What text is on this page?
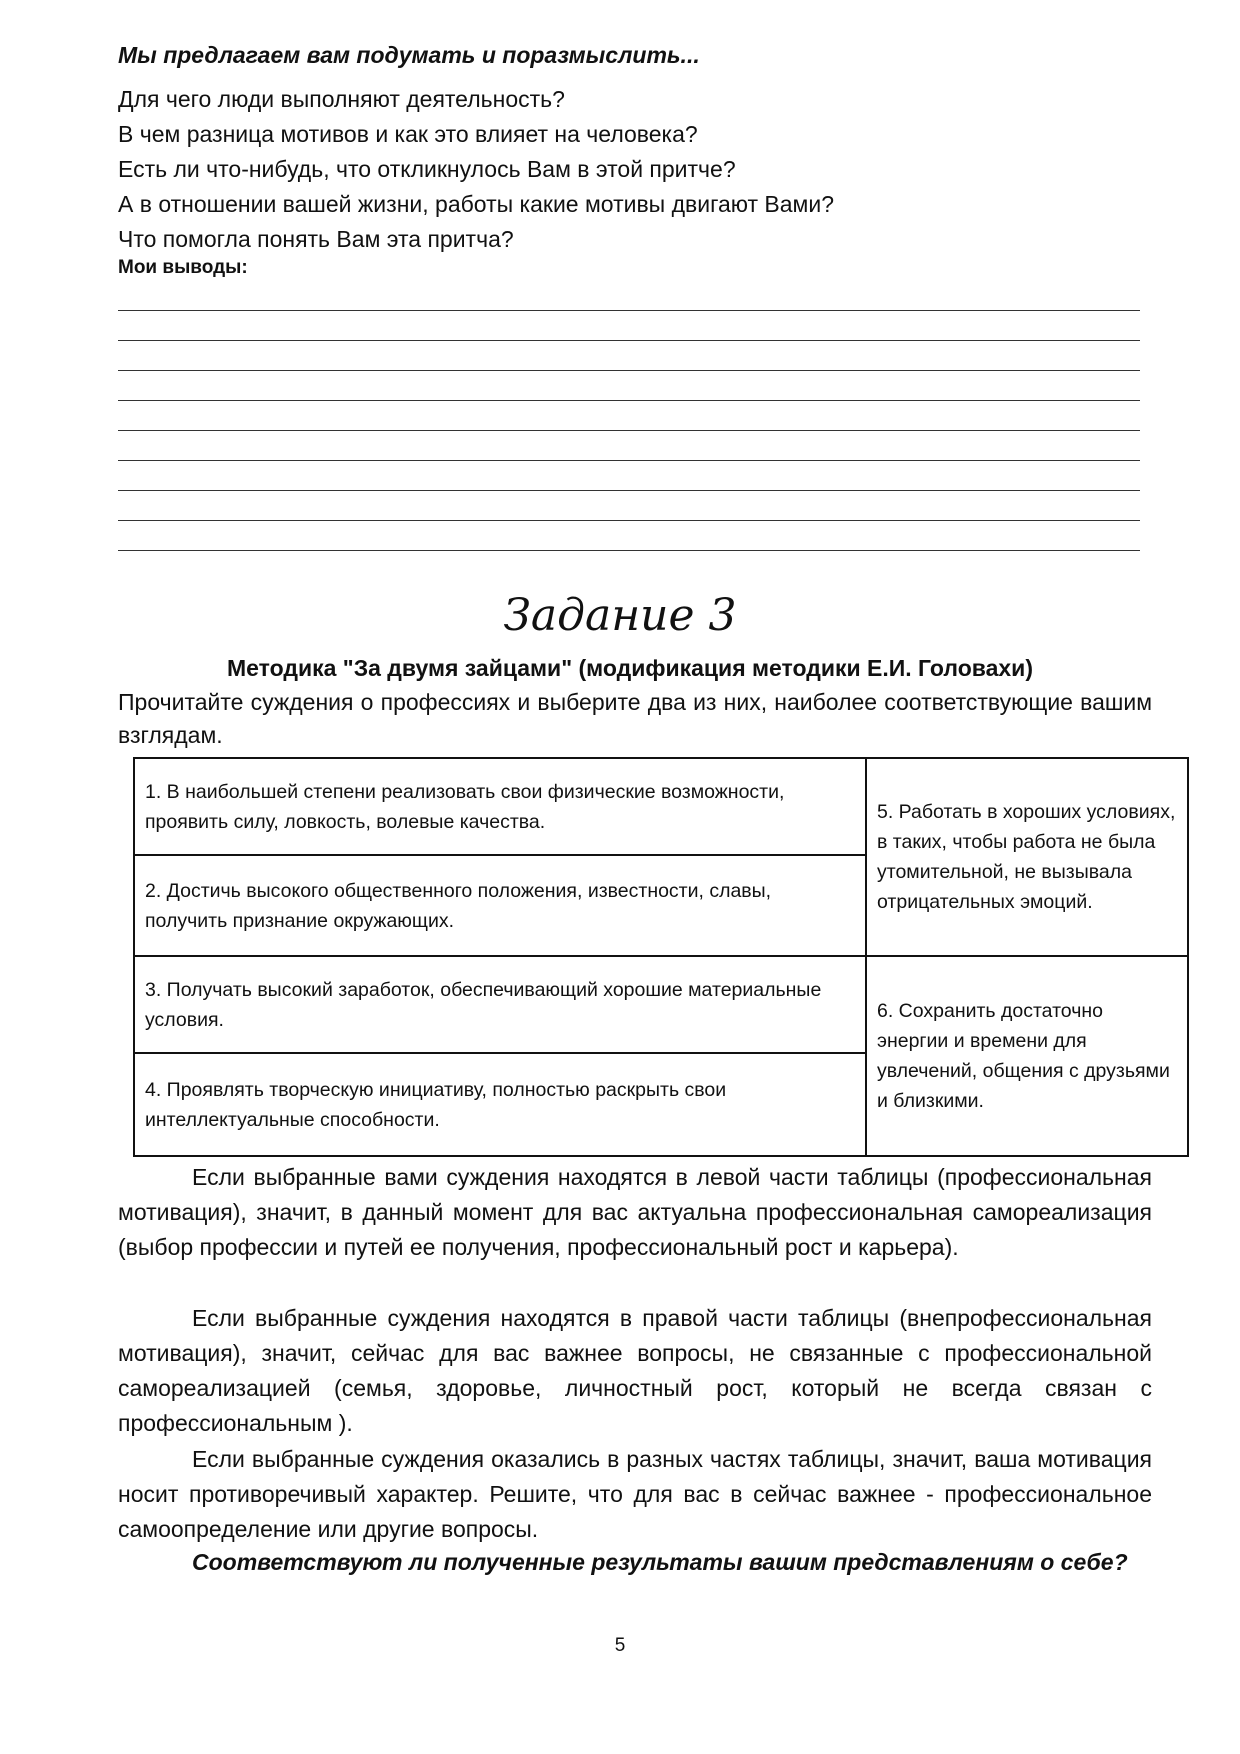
Мы предлагаем вам подумать и поразмыслить...
Для чего люди выполняют деятельность?
В чем разница мотивов и как это влияет на человека?
Есть ли что-нибудь, что откликнулось Вам в этой притче?
А в отношении вашей жизни, работы какие мотивы двигают Вами?
Что помогла понять Вам эта притча?
Мои выводы:
Задание 3
Методика "За двумя зайцами" (модификация методики Е.И. Головахи)
Прочитайте суждения о профессиях и выберите два из них, наиболее соответствующие вашим взглядам.
1. В наибольшей степени реализовать свои физические возможности, проявить силу, ловкость, волевые качества.	5. Работать в хороших условиях, в таких, чтобы работа не была утомительной, не вызывала отрицательных эмоций.
2. Достичь высокого общественного положения, известности, славы, получить признание окружающих.	
3. Получать высокий заработок, обеспечивающий хорошие материальные условия.	6. Сохранить достаточно энергии и времени для увлечений, общения с друзьями и близкими.
4. Проявлять творческую инициативу, полностью раскрыть свои интеллектуальные способности.	
Если выбранные вами суждения находятся в левой части таблицы (профессиональная мотивация), значит, в данный момент для вас актуальна профессиональная самореализация (выбор профессии и путей ее получения, профессиональный рост и карьера).
Если выбранные суждения находятся в правой части таблицы (внепрофессиональная мотивация), значит, сейчас для вас важнее вопросы, не связанные с профессиональной самореализацией (семья, здоровье, личностный рост, который не всегда связан с профессиональным ).
Если выбранные суждения оказались в разных частях таблицы, значит, ваша мотивация носит противоречивый характер. Решите, что для вас в сейчас важнее - профессиональное самоопределение или другие вопросы.
Соответствуют ли полученные результаты вашим представлениям о себе?
5
